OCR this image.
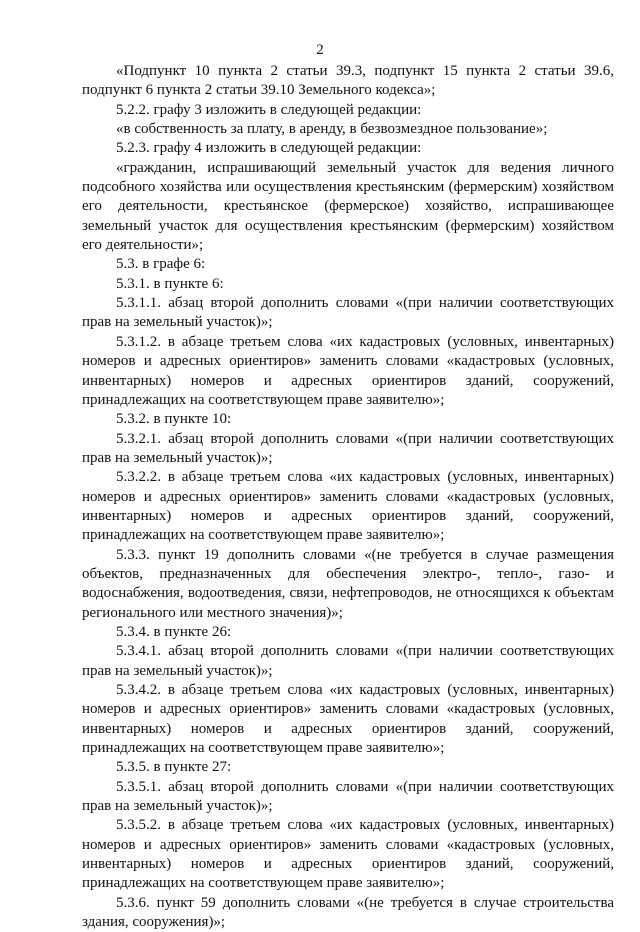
2

«Подпункт 10 пункта 2 статьи 39.3, подпункт 15 пункта 2 статьи 39.6, подпункт 6 пункта 2 статьи 39.10 Земельного кодекса»;

5.2.2. графу 3 изложить в следующей редакции:

«в собственность за плату, в аренду, в безвозмездное пользование»;

5.2.3. графу 4 изложить в следующей редакции:

«гражданин, испрашивающий земельный участок для ведения личного подсобного хозяйства или осуществления крестьянским (фермерским) хозяйством его деятельности, крестьянское (фермерское) хозяйство, испрашивающее земельный участок для осуществления крестьянским (фермерским) хозяйством его деятельности»;

5.3. в графе 6:

5.3.1. в пункте 6:

5.3.1.1. абзац второй дополнить словами «(при наличии соответствующих прав на земельный участок)»;

5.3.1.2. в абзаце третьем слова «их кадастровых (условных, инвентарных) номеров и адресных ориентиров» заменить словами «кадастровых (условных, инвентарных) номеров и адресных ориентиров зданий, сооружений, принадлежащих на соответствующем праве заявителю»;

5.3.2. в пункте 10:

5.3.2.1. абзац второй дополнить словами «(при наличии соответствующих прав на земельный участок)»;

5.3.2.2. в абзаце третьем слова «их кадастровых (условных, инвентарных) номеров и адресных ориентиров» заменить словами «кадастровых (условных, инвентарных) номеров и адресных ориентиров зданий, сооружений, принадлежащих на соответствующем праве заявителю»;

5.3.3. пункт 19 дополнить словами «(не требуется в случае размещения объектов, предназначенных для обеспечения электро-, тепло-, газо- и водоснабжения, водоотведения, связи, нефтепроводов, не относящихся к объектам регионального или местного значения)»;

5.3.4. в пункте 26:

5.3.4.1. абзац второй дополнить словами «(при наличии соответствующих прав на земельный участок)»;

5.3.4.2. в абзаце третьем слова «их кадастровых (условных, инвентарных) номеров и адресных ориентиров» заменить словами «кадастровых (условных, инвентарных) номеров и адресных ориентиров зданий, сооружений, принадлежащих на соответствующем праве заявителю»;

5.3.5. в пункте 27:

5.3.5.1. абзац второй дополнить словами «(при наличии соответствующих прав на земельный участок)»;

5.3.5.2. в абзаце третьем слова «их кадастровых (условных, инвентарных) номеров и адресных ориентиров» заменить словами «кадастровых (условных, инвентарных) номеров и адресных ориентиров зданий, сооружений, принадлежащих на соответствующем праве заявителю»;

5.3.6. пункт 59 дополнить словами «(не требуется в случае строительства здания, сооружения)»;
